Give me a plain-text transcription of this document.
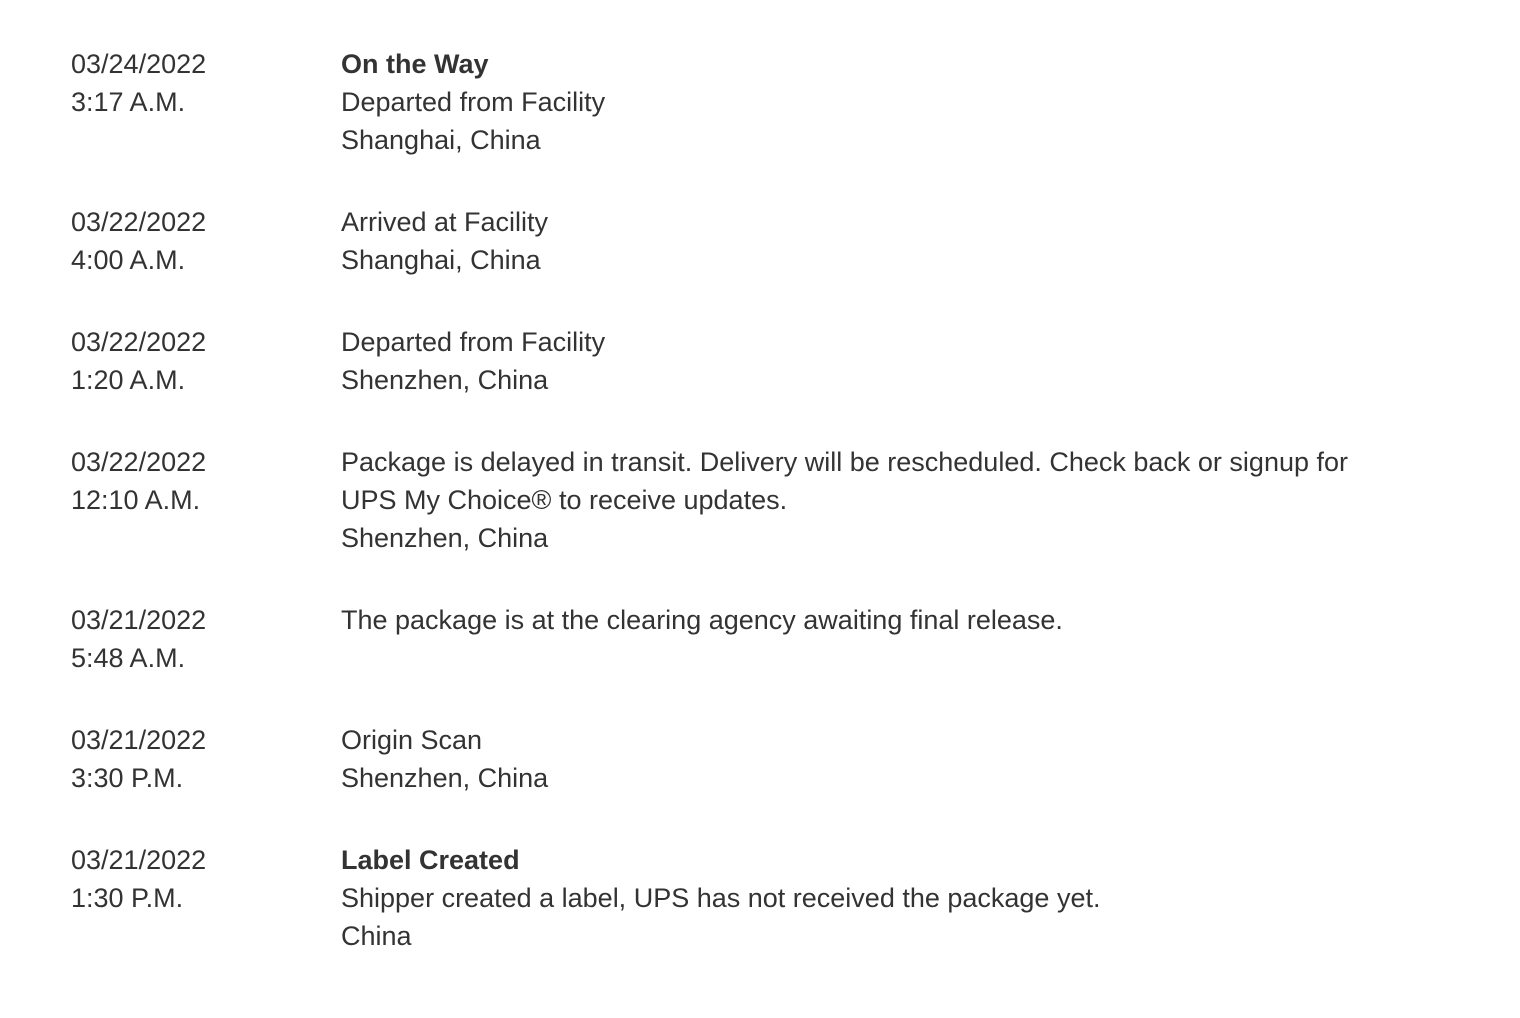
03/24/2022
3:17 A.M.
On the Way
Departed from Facility
Shanghai, China
03/22/2022
4:00 A.M.
Arrived at Facility
Shanghai, China
03/22/2022
1:20 A.M.
Departed from Facility
Shenzhen, China
03/22/2022
12:10 A.M.
Package is delayed in transit. Delivery will be rescheduled. Check back or signup for UPS My Choice® to receive updates.
Shenzhen, China
03/21/2022
5:48 A.M.
The package is at the clearing agency awaiting final release.
03/21/2022
3:30 P.M.
Origin Scan
Shenzhen, China
03/21/2022
1:30 P.M.
Label Created
Shipper created a label, UPS has not received the package yet.
China
